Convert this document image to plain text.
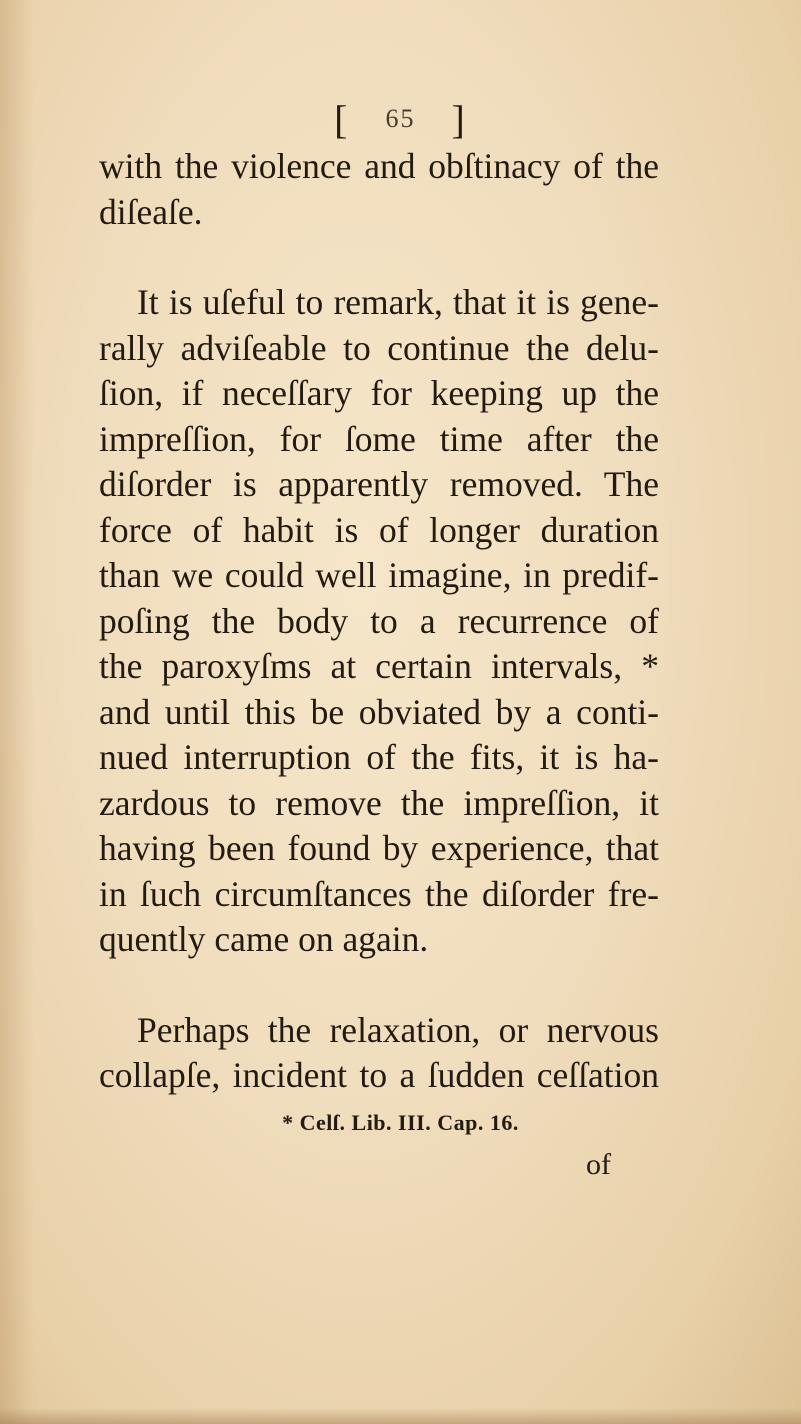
[ 65 ]
with the violence and obſtinacy of the
diſeaſe.
It is uſeful to remark, that it is gene-
rally adviſeable to continue the delu-
ſion, if neceſſary for keeping up the
impreſſion, for ſome time after the
diſorder is apparently removed. The
force of habit is of longer duration
than we could well imagine, in predif-
poſing the body to a recurrence of
the paroxyſms at certain intervals, *
and until this be obviated by a conti-
nued interruption of the fits, it is ha-
zardous to remove the impreſſion, it
having been found by experience, that
in ſuch circumſtances the diſorder fre-
quently came on again.
Perhaps the relaxation, or nervous
collapſe, incident to a ſudden ceſſation
* Celſ. Lib. III. Cap. 16.
of
